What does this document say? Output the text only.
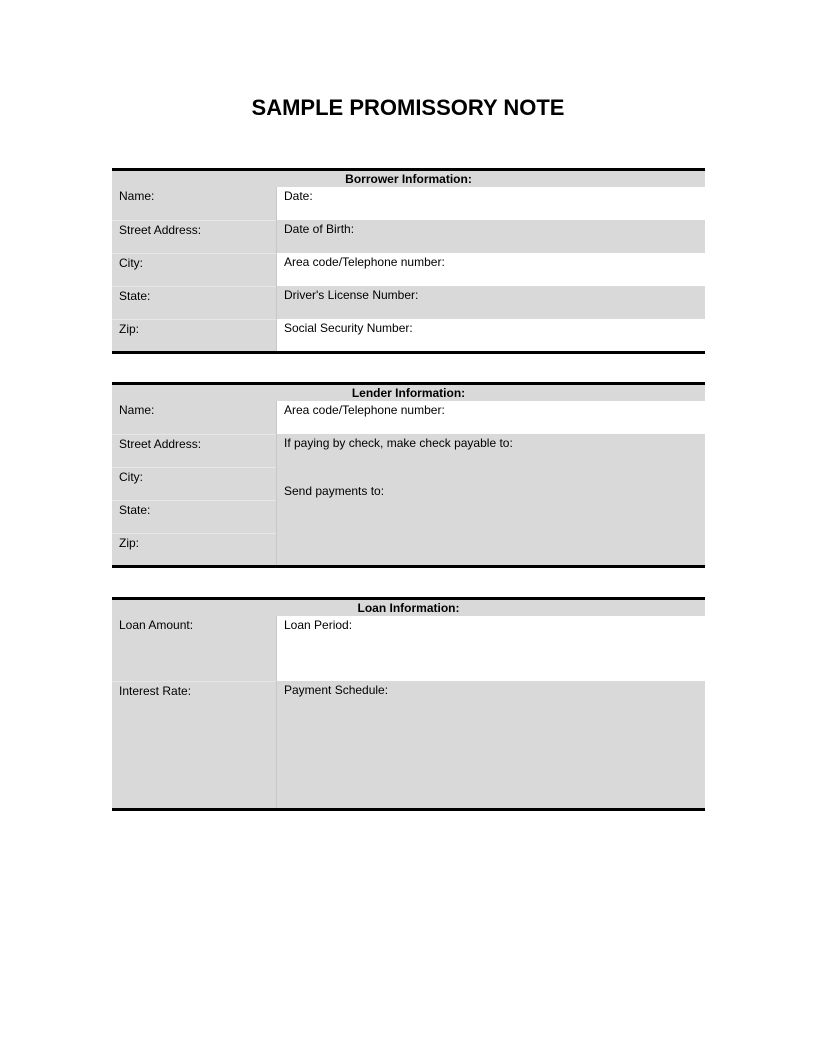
SAMPLE PROMISSORY NOTE
Borrower Information:
Name:
Street Address:
City:
State:
Zip:
Date:
Date of Birth:
Area code/Telephone number:
Driver's License Number:
Social Security Number:
Lender Information:
Name:
Street Address:
City:
State:
Zip:
Area code/Telephone number:
If paying by check, make check payable to:
Send payments to:
Loan Information:
Loan Amount:
Interest Rate:
Loan Period:
Payment Schedule:
